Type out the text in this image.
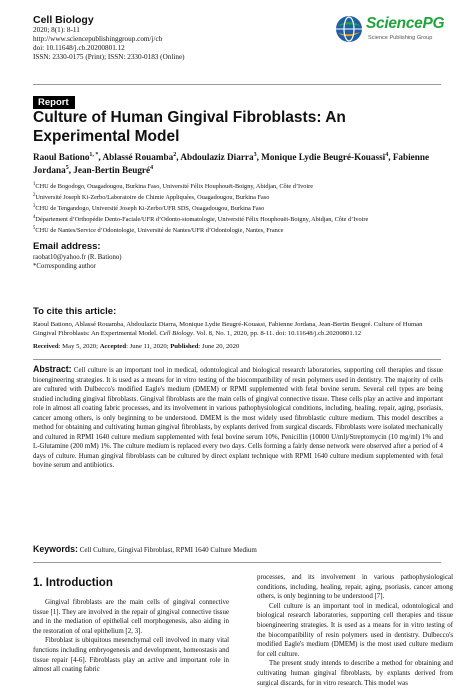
Cell Biology
2020; 8(1): 8-11
http://www.sciencepublishinggroup.com/j/cb
doi: 10.11648/j.cb.20200801.12
ISSN: 2330-0175 (Print); ISSN: 2330-0183 (Online)
SciencePG
Science Publishing Group
Report
Culture of Human Gingival Fibroblasts: An Experimental Model
Raoul Bationo$^{1, *}$, Ablassé Rouamba$^2$, Abdoulaziz Diarra$^3$, Monique Lydie Beugré-Kouassi$^4$, Fabienne Jordana$^5$, Jean-Bertin Beugré$^4$
$^1$CHU de Bogodogo, Ouagadougou, Burkina Faso, Université Félix Houphouët-Boigny, Abidjan, Côte d’Ivoire
$^2$Université Joseph Ki-Zerbo/Laboratoire de Chimie Appliquées, Ouagadougou, Burkina Faso
$^3$CHU de Tengandogo, Université Joseph Ki-Zerbo/UFR SDS, Ouagadougou, Burkina Faso
$^4$Département d’Orthopédie Dento-Faciale/UFR d’Odonto-stomatologie, Université Félix Houphouët-Boigny, Abidjan, Côte d’Ivoire
$^5$CHU de Nantes/Service d’Odontologie, Université de Nantes/UFR d’Odontologie, Nantes, France
Email address:
raobat10@yahoo.fr (R. Bationo)
*Corresponding author
To cite this article:
Raoul Bationo, Ablassé Rouamba, Abdoulaziz Diarra, Monique Lydie Beugré-Kouassi, Fabienne Jordana, Jean-Bertin Beugré. Culture of Human Gingival Fibroblasts: An Experimental Model. Cell Biology. Vol. 8, No. 1, 2020, pp. 8-11. doi: 10.11648/j.cb.20200801.12
Received: May 5, 2020; Accepted: June 11, 2020; Published: June 20, 2020
Abstract: Cell culture is an important tool in medical, odontological and biological research laboratories, supporting cell therapies and tissue bioengineering strategies. It is used as a means for in vitro testing of the biocompatibility of resin polymers used in dentistry. The majority of cells are cultured with Dulbecco's modified Eagle's medium (DMEM) or RPMI supplemented with fetal bovine serum. Several cell types are being studied including gingival fibroblasts. Gingival fibroblasts are the main cells of gingival connective tissue. These cells play an active and important role in almost all coating fabric processes, and its involvement in various pathophysiological conditions, including, healing, repair, aging, psoriasis, cancer among others, is only beginning to be understood. DMEM is the most widely used fibroblastic culture medium. This model describes a method for obtaining and cultivating human gingival fibroblasts, by explants derived from surgical discards. Fibroblasts were isolated mechanically and cultured in RPMI 1640 culture medium supplemented with fetal bovine serum 10%, Penicillin (10000 U/ml)/Streptomycin (10 mg/ml) 1% and L-Glutamine (200 mM) 1%. The culture medium is replaced every two days. Cells forming a fairly dense network were observed after a period of 4 days of culture. Human gingival fibroblasts can be cultured by direct explant technique with RPMI 1640 culture medium supplemented with fetal bovine serum and antibiotics.
Keywords: Cell Culture, Gingival Fibroblast, RPMI 1640 Culture Medium
1. Introduction

Gingival fibroblasts are the main cells of gingival connective tissue [1]. They are involved in the repair of gingival connective tissue and in the mediation of epithelial cell morphogenesis, also aiding in the restoration of oral epithelium [2, 3].

Fibroblast is ubiquitous mesenchymal cell involved in many vital functions including embryogenesis and development, homeostasis and tissue repair [4-6]. Fibroblasts play an active and important role in almost all coating fabric

processes, and its involvement in various pathophysiological conditions, including, healing, repair, aging, psoriasis, cancer among others, is only beginning to be understood [7].

Cell culture is an important tool in medical, odontological and biological research laboratories, supporting cell therapies and tissue bioengineering strategies. It is used as a means for in vitro testing of the biocompatibility of resin polymers used in dentistry. Dulbecco's modified Eagle's medium (DMEM) is the most used culture medium for cell culture.

The present study intends to describe a method for obtaining and cultivating human gingival fibroblasts, by explants derived from surgical discards, for in vitro research. This model was
